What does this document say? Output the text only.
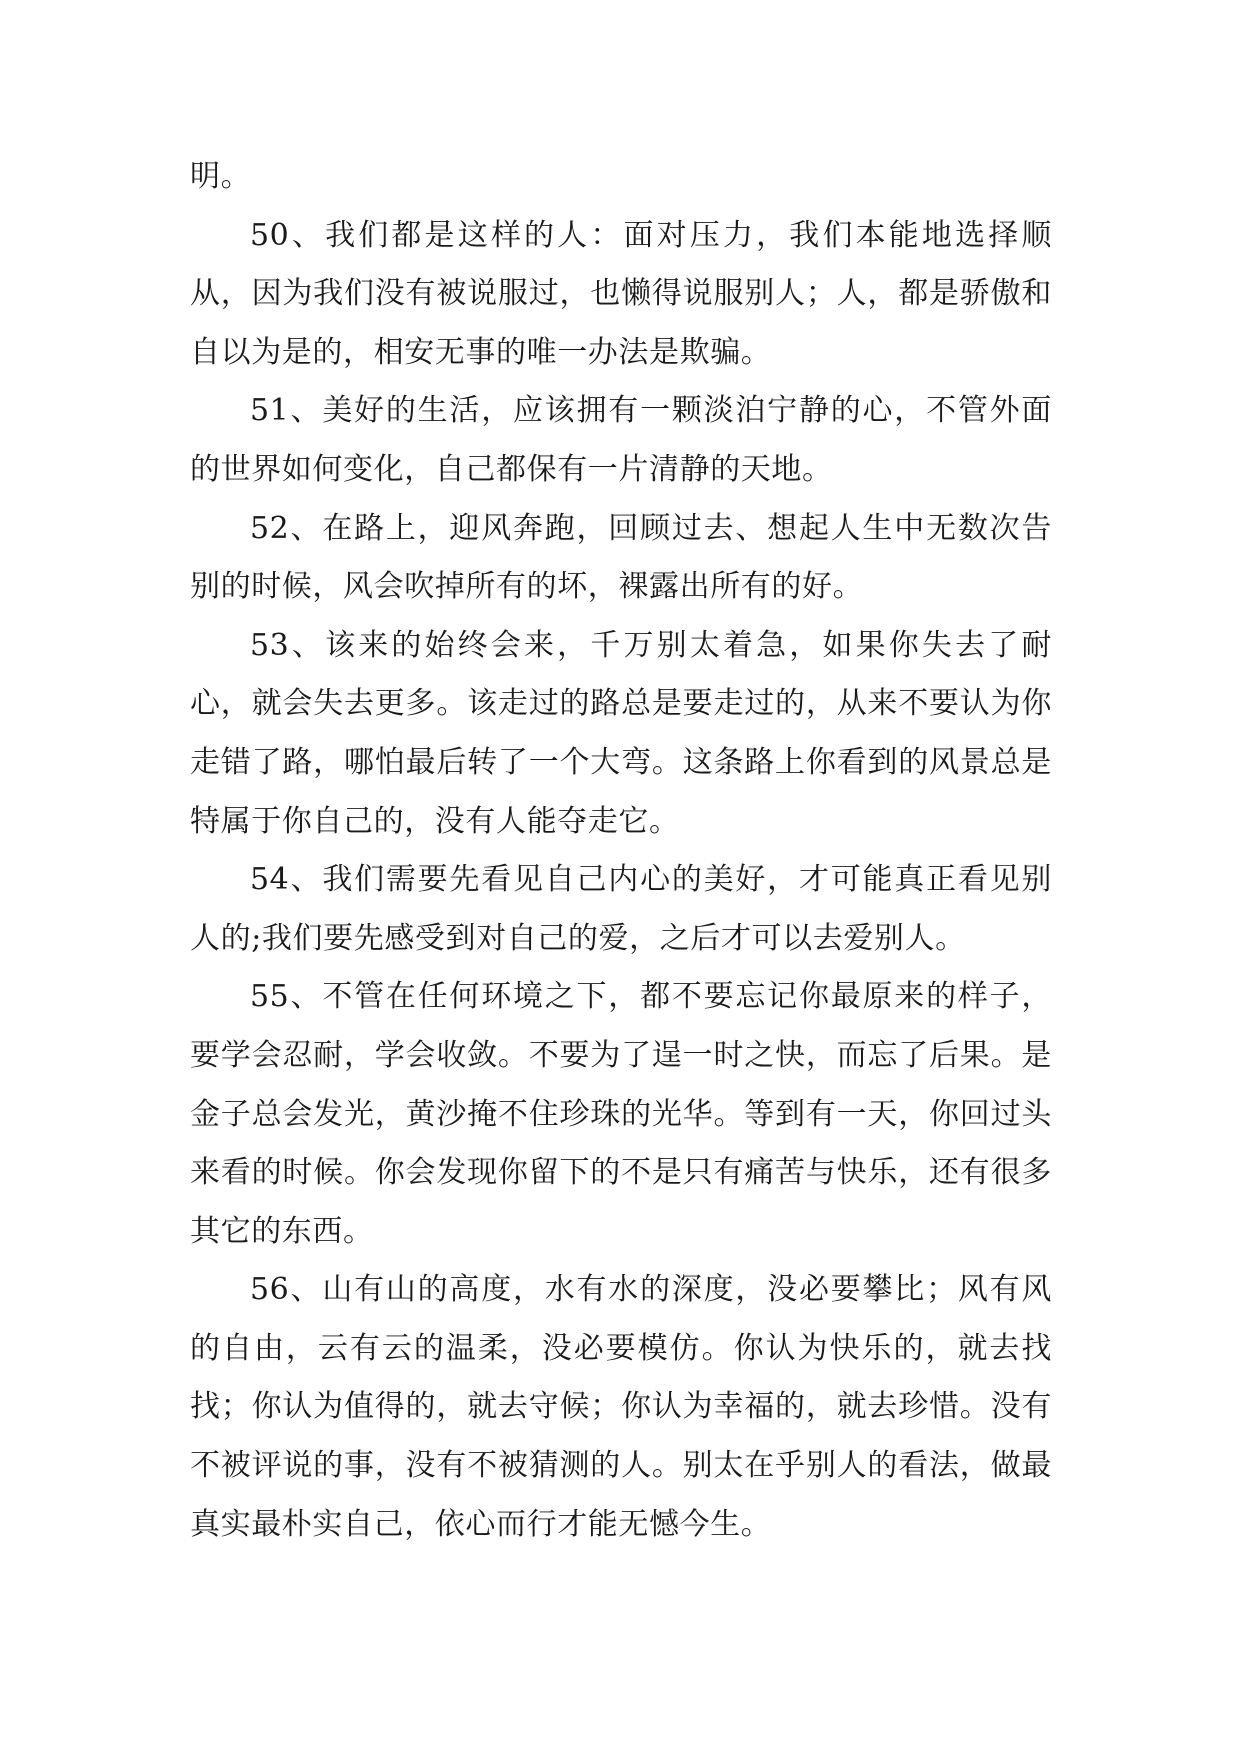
明。

50、我们都是这样的人：面对压力，我们本能地选择顺从，因为我们没有被说服过，也懒得说服别人；人，都是骄傲和自以为是的，相安无事的唯一办法是欺骗。

51、美好的生活，应该拥有一颗淡泊宁静的心，不管外面的世界如何变化，自己都保有一片清静的天地。

52、在路上，迎风奔跑，回顾过去、想起人生中无数次告别的时候，风会吹掉所有的坏，裸露出所有的好。

53、该来的始终会来，千万别太着急，如果你失去了耐心，就会失去更多。该走过的路总是要走过的，从来不要认为你走错了路，哪怕最后转了一个大弯。这条路上你看到的风景总是特属于你自己的，没有人能夺走它。

54、我们需要先看见自己内心的美好，才可能真正看见别人的;我们要先感受到对自己的爱，之后才可以去爱别人。

55、不管在任何环境之下，都不要忘记你最原来的样子，要学会忍耐，学会收敛。不要为了逞一时之快，而忘了后果。是金子总会发光，黄沙掩不住珍珠的光华。等到有一天，你回过头来看的时候。你会发现你留下的不是只有痛苦与快乐，还有很多其它的东西。

56、山有山的高度，水有水的深度，没必要攀比；风有风的自由，云有云的温柔，没必要模仿。你认为快乐的，就去找找；你认为值得的，就去守候；你认为幸福的，就去珍惜。没有不被评说的事，没有不被猜测的人。别太在乎别人的看法，做最真实最朴实自己，依心而行才能无憾今生。
